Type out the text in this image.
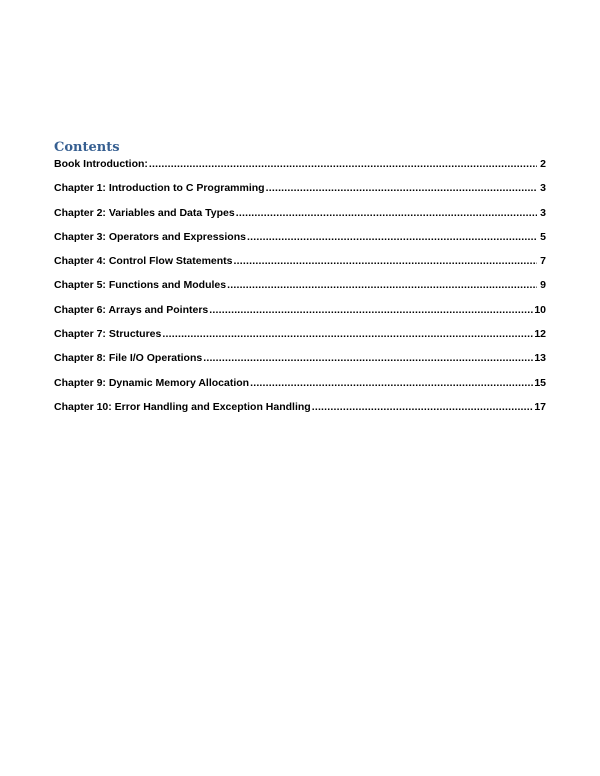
Contents
Book Introduction: .....	2
Chapter 1: Introduction to C Programming .....	3
Chapter 2: Variables and Data Types .....	3
Chapter 3: Operators and Expressions .....	5
Chapter 4: Control Flow Statements .....	7
Chapter 5: Functions and Modules .....	9
Chapter 6: Arrays and Pointers .....	10
Chapter 7: Structures .....	12
Chapter 8: File I/O Operations .....	13
Chapter 9: Dynamic Memory Allocation .....	15
Chapter 10: Error Handling and Exception Handling .....	17
